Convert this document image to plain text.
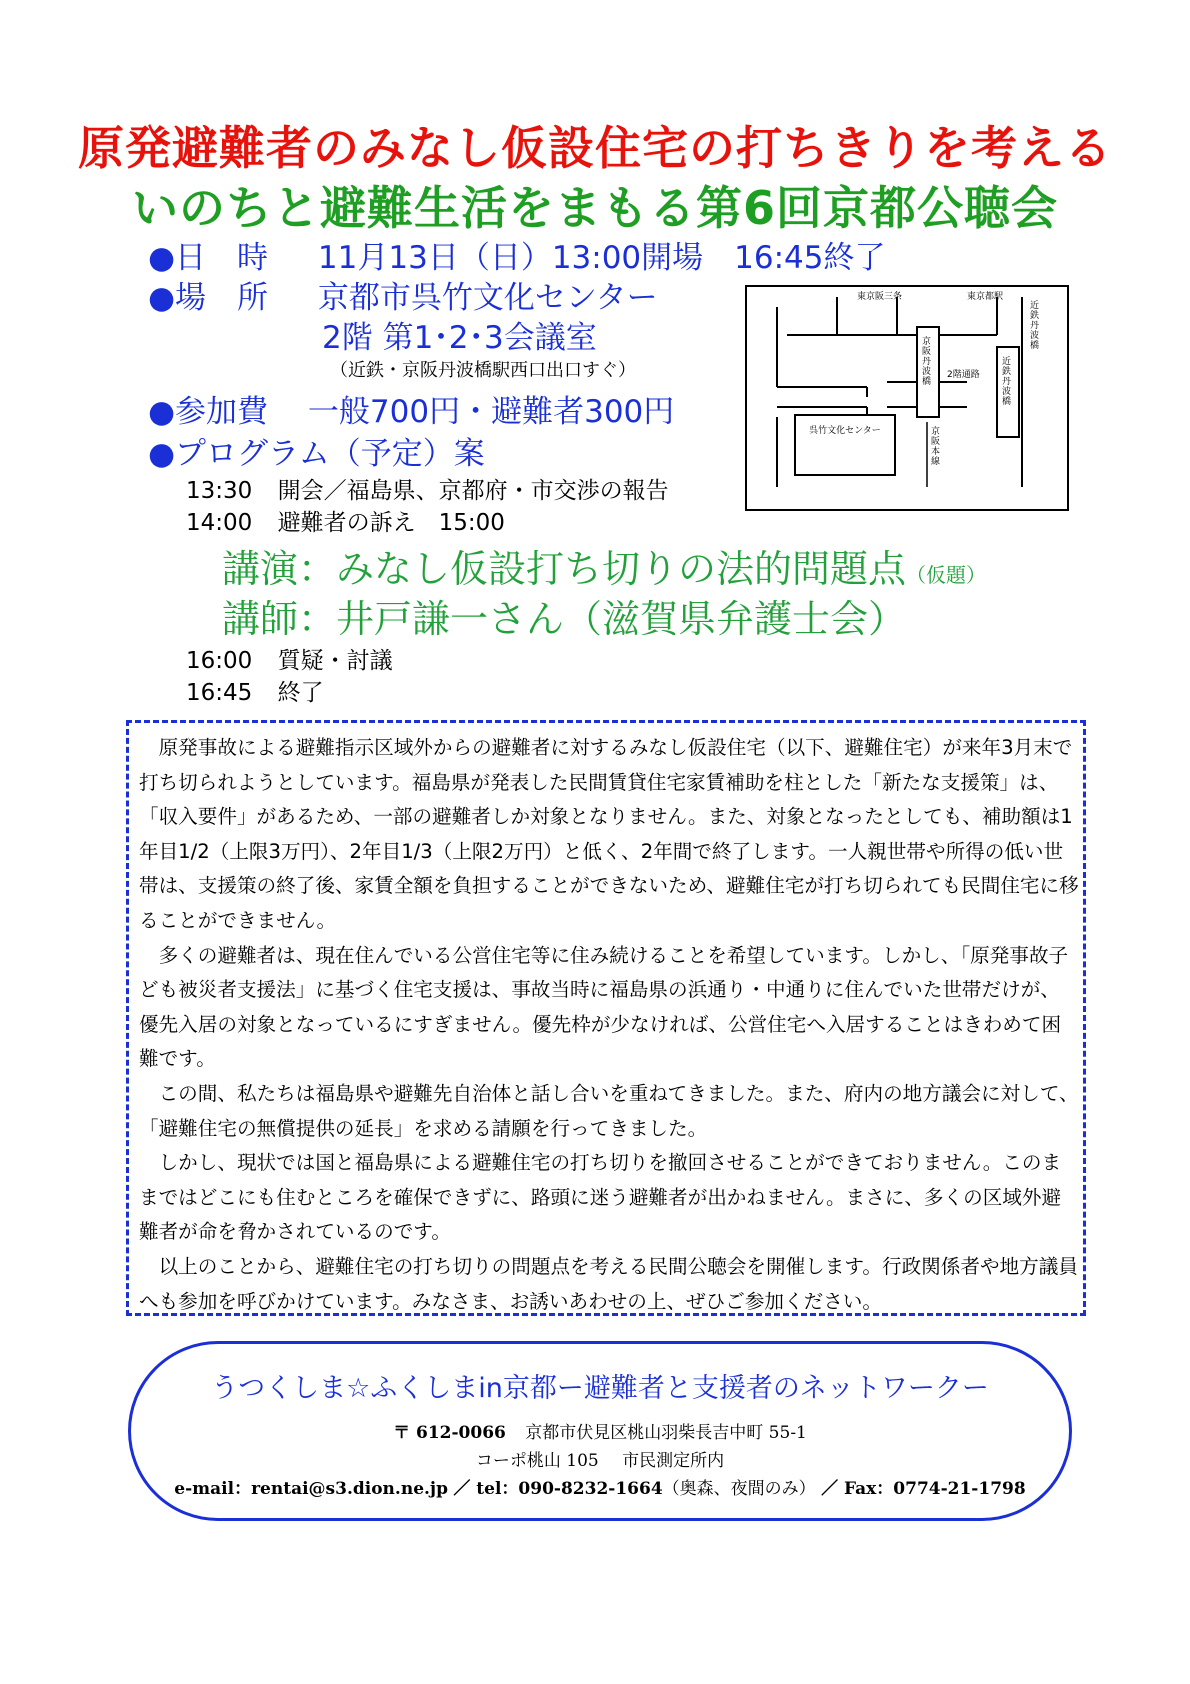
原発避難者のみなし仮設住宅の打ちきりを考える
いのちと避難生活をまもる第6回京都公聴会
●日　時 11月13日（日）13:00開場　16:45終了
●場　所 京都市呉竹文化センター
2階 第1･2･3会議室
（近鉄・京阪丹波橋駅西口出口すぐ）
●参加費 一般700円・避難者300円
●プログラム（予定）案
13:30 開会／福島県、京都府・市交渉の報告
14:00 避難者の訴え　15:00
講演：みなし仮設打ち切りの法的問題点（仮題）
講師：井戸謙一さん（滋賀県弁護士会）
16:00 質疑・討議
16:45 終了
東京阪三条	東京都駅
京阪丹波橋
近鉄丹波橋
近鉄丹波橋
2階通路
京阪本線
呉竹文化センター

原発事故による避難指示区域外からの避難者に対するみなし仮設住宅（以下、避難住宅）が来年3月末で打ち切られようとしています。福島県が発表した民間賃貸住宅家賃補助を柱とした「新たな支援策」は、「収入要件」があるため、一部の避難者しか対象となりません。また、対象となったとしても、補助額は1年目1/2（上限3万円）、2年目1/3（上限2万円）と低く、2年間で終了します。一人親世帯や所得の低い世帯は、支援策の終了後、家賃全額を負担することができないため、避難住宅が打ち切られても民間住宅に移ることができません。

多くの避難者は、現在住んでいる公営住宅等に住み続けることを希望しています。しかし、「原発事故子ども被災者支援法」に基づく住宅支援は、事故当時に福島県の浜通り・中通りに住んでいた世帯だけが、優先入居の対象となっているにすぎません。優先枠が少なければ、公営住宅へ入居することはきわめて困難です。

この間、私たちは福島県や避難先自治体と話し合いを重ねてきました。また、府内の地方議会に対して、「避難住宅の無償提供の延長」を求める請願を行ってきました。

しかし、現状では国と福島県による避難住宅の打ち切りを撤回させることができておりません。このままではどこにも住むところを確保できずに、路頭に迷う避難者が出かねません。まさに、多くの区域外避難者が命を脅かされているのです。

以上のことから、避難住宅の打ち切りの問題点を考える民間公聴会を開催します。行政関係者や地方議員へも参加を呼びかけています。みなさま、お誘いあわせの上、ぜひご参加ください。

うつくしま☆ふくしまin京都ー避難者と支援者のネットワークー
〒 612-0066 京都市伏見区桃山羽柴長吉中町 55-1
コーポ桃山 105 市民測定所内
e-mail：rentai@s3.dion.ne.jp ／ tel：090-8232-1664（奥森、夜間のみ） ／ Fax：0774-21-1798
